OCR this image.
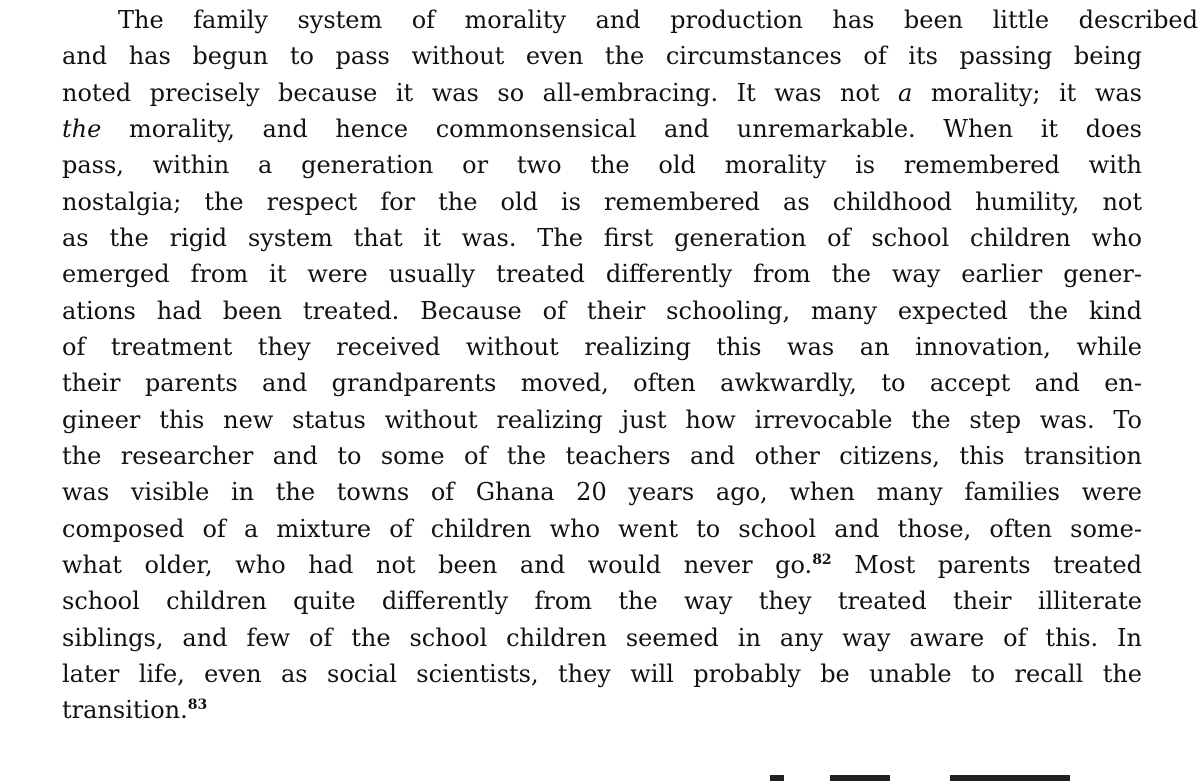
The family system of morality and production has been little described
and has begun to pass without even the circumstances of its passing being
noted precisely because it was so all-embracing. It was not a morality; it was
the morality, and hence commonsensical and unremarkable. When it does
pass, within a generation or two the old morality is remembered with
nostalgia; the respect for the old is remembered as childhood humility, not
as the rigid system that it was. The first generation of school children who
emerged from it were usually treated differently from the way earlier gener-
ations had been treated. Because of their schooling, many expected the kind
of treatment they received without realizing this was an innovation, while
their parents and grandparents moved, often awkwardly, to accept and en-
gineer this new status without realizing just how irrevocable the step was. To
the researcher and to some of the teachers and other citizens, this transition
was visible in the towns of Ghana 20 years ago, when many families were
composed of a mixture of children who went to school and those, often some-
what older, who had not been and would never go.$^{82}$ Most parents treated
school children quite differently from the way they treated their illiterate
siblings, and few of the school children seemed in any way aware of this. In
later life, even as social scientists, they will probably be unable to recall the
transition.$^{83}$
